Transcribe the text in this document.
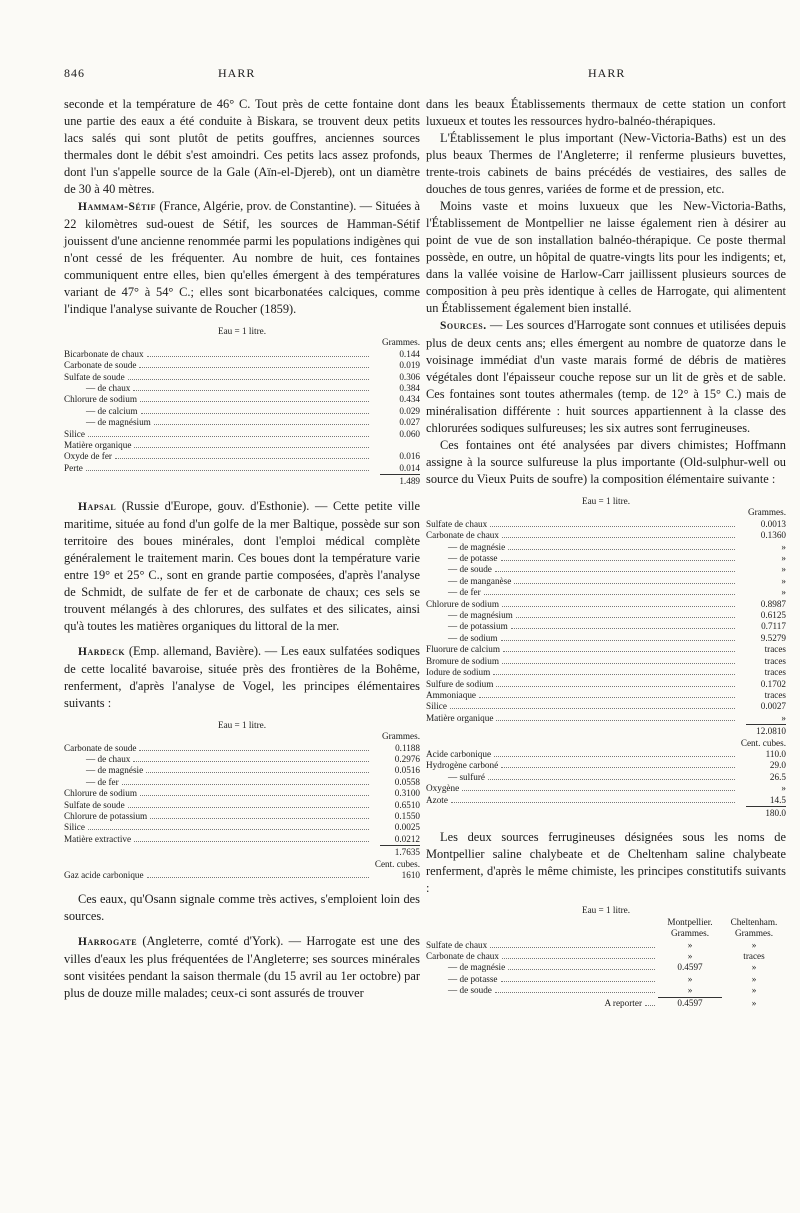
846	HARR	HARR

seconde et la température de 46° C. Tout près de cette fontaine dont une partie des eaux a été conduite à Biskara, se trouvent deux petits lacs salés qui sont plutôt de petits gouffres, anciennes sources thermales dont le débit s'est amoindri. Ces petits lacs assez profonds, dont l'un s'appelle source de la Gale (Aïn-el-Djereb), ont un diamètre de 30 à 40 mètres.

Hammam-Sétif (France, Algérie, prov. de Constantine). — Situées à 22 kilomètres sud-ouest de Sétif, les sources de Hamman-Sétif jouissent d'une ancienne renommée parmi les populations indigènes qui n'ont cessé de les fréquenter. Au nombre de huit, ces fontaines communiquent entre elles, bien qu'elles émergent à des températures variant de 47° à 54° C.; elles sont bicarbonatées calciques, comme l'indique l'analyse suivante de Roucher (1859).

Eau = 1 litre.
Grammes.
Bicarbonate de chaux	0.144
Carbonate de soude	0.019
Sulfate de soude	0.306
— de chaux	0.384
Chlorure de sodium	0.434
— de calcium	0.029
— de magnésium	0.027
Silice	0.060
Matière organique
Oxyde de fer	0.016
Perte	0.014
1.489

Hapsal (Russie d'Europe, gouv. d'Esthonie). — Cette petite ville maritime, située au fond d'un golfe de la mer Baltique, possède sur son territoire des boues minérales, dont l'emploi médical complète généralement le traitement marin. Ces boues dont la température varie entre 19° et 25° C., sont en grande partie composées, d'après l'analyse de Schmidt, de sulfate de fer et de carbonate de chaux; ces sels se trouvent mélangés à des chlorures, des sulfates et des silicates, ainsi qu'à toutes les matières organiques du littoral de la mer.

Hardeck (Emp. allemand, Bavière). — Les eaux sulfatées sodiques de cette localité bavaroise, située près des frontières de la Bohême, renferment, d'après l'analyse de Vogel, les principes élémentaires suivants :

Eau = 1 litre.
Grammes.
Carbonate de soude	0.1188
— de chaux	0.2976
— de magnésie	0.0516
— de fer	0.0558
Chlorure de sodium	0.3100
Sulfate de soude	0.6510
Chlorure de potassium	0.1550
Silice	0.0025
Matière extractive	0.0212
1.7635
Cent. cubes.
Gaz acide carbonique	1610

Ces eaux, qu'Osann signale comme très actives, s'emploient loin des sources.

Harrogate (Angleterre, comté d'York). — Harrogate est une des villes d'eaux les plus fréquentées de l'Angleterre; ses sources minérales sont visitées pendant la saison thermale (du 15 avril au 1er octobre) par plus de douze mille malades; ceux-ci sont assurés de trouver

dans les beaux Établissements thermaux de cette station un confort luxueux et toutes les ressources hydro-balnéo-thérapiques.

L'Établissement le plus important (New-Victoria-Baths) est un des plus beaux Thermes de l'Angleterre; il renferme plusieurs buvettes, trente-trois cabinets de bains précédés de vestiaires, des salles de douches de tous genres, variées de forme et de pression, etc.

Moins vaste et moins luxueux que les New-Victoria-Baths, l'Établissement de Montpellier ne laisse également rien à désirer au point de vue de son installation balnéo-thérapique. Ce poste thermal possède, en outre, un hôpital de quatre-vingts lits pour les indigents; et, dans la vallée voisine de Harlow-Carr jaillissent plusieurs sources de composition à peu près identique à celles de Harrogate, qui alimentent un Établissement également bien installé.

Sources. — Les sources d'Harrogate sont connues et utilisées depuis plus de deux cents ans; elles émergent au nombre de quatorze dans le voisinage immédiat d'un vaste marais formé de débris de matières végétales dont l'épaisseur couche repose sur un lit de grès et de sable. Ces fontaines sont toutes athermales (temp. de 12° à 15° C.) mais de minéralisation différente : huit sources appartiennent à la classe des chlorurées sodiques sulfureuses; les six autres sont ferrugineuses.

Ces fontaines ont été analysées par divers chimistes; Hoffmann assigne à la source sulfureuse la plus importante (Old-sulphur-well ou source du Vieux Puits de soufre) la composition élémentaire suivante :

Eau = 1 litre.
Grammes.
Sulfate de chaux	0.0013
Carbonate de chaux	0.1360
— de magnésie	»
— de potasse	»
— de soude	»
— de manganèse	»
— de fer	»
Chlorure de sodium	0.8987
— de magnésium	0.6125
— de potassium	0.7117
— de sodium	9.5279
Fluorure de calcium	traces
Bromure de sodium	traces
Iodure de sodium	traces
Sulfure de sodium	0.1702
Ammoniaque	traces
Silice	0.0027
Matière organique	»
12.0810
Cent. cubes.
Acide carbonique	110.0
Hydrogène carboné	29.0
— sulfuré	26.5
Oxygène	»
Azote	14.5
180.0

Les deux sources ferrugineuses désignées sous les noms de Montpellier saline chalybeate et de Cheltenham saline chalybeate renferment, d'après le même chimiste, les principes constitutifs suivants :

Eau = 1 litre.
Montpellier.	Cheltenham.
Grammes.	Grammes.
Sulfate de chaux	»	»
Carbonate de chaux	»	traces
— de magnésie	0.4597	»
— de potasse	»	»
— de soude	»	»
A reporter	0.4597	»
